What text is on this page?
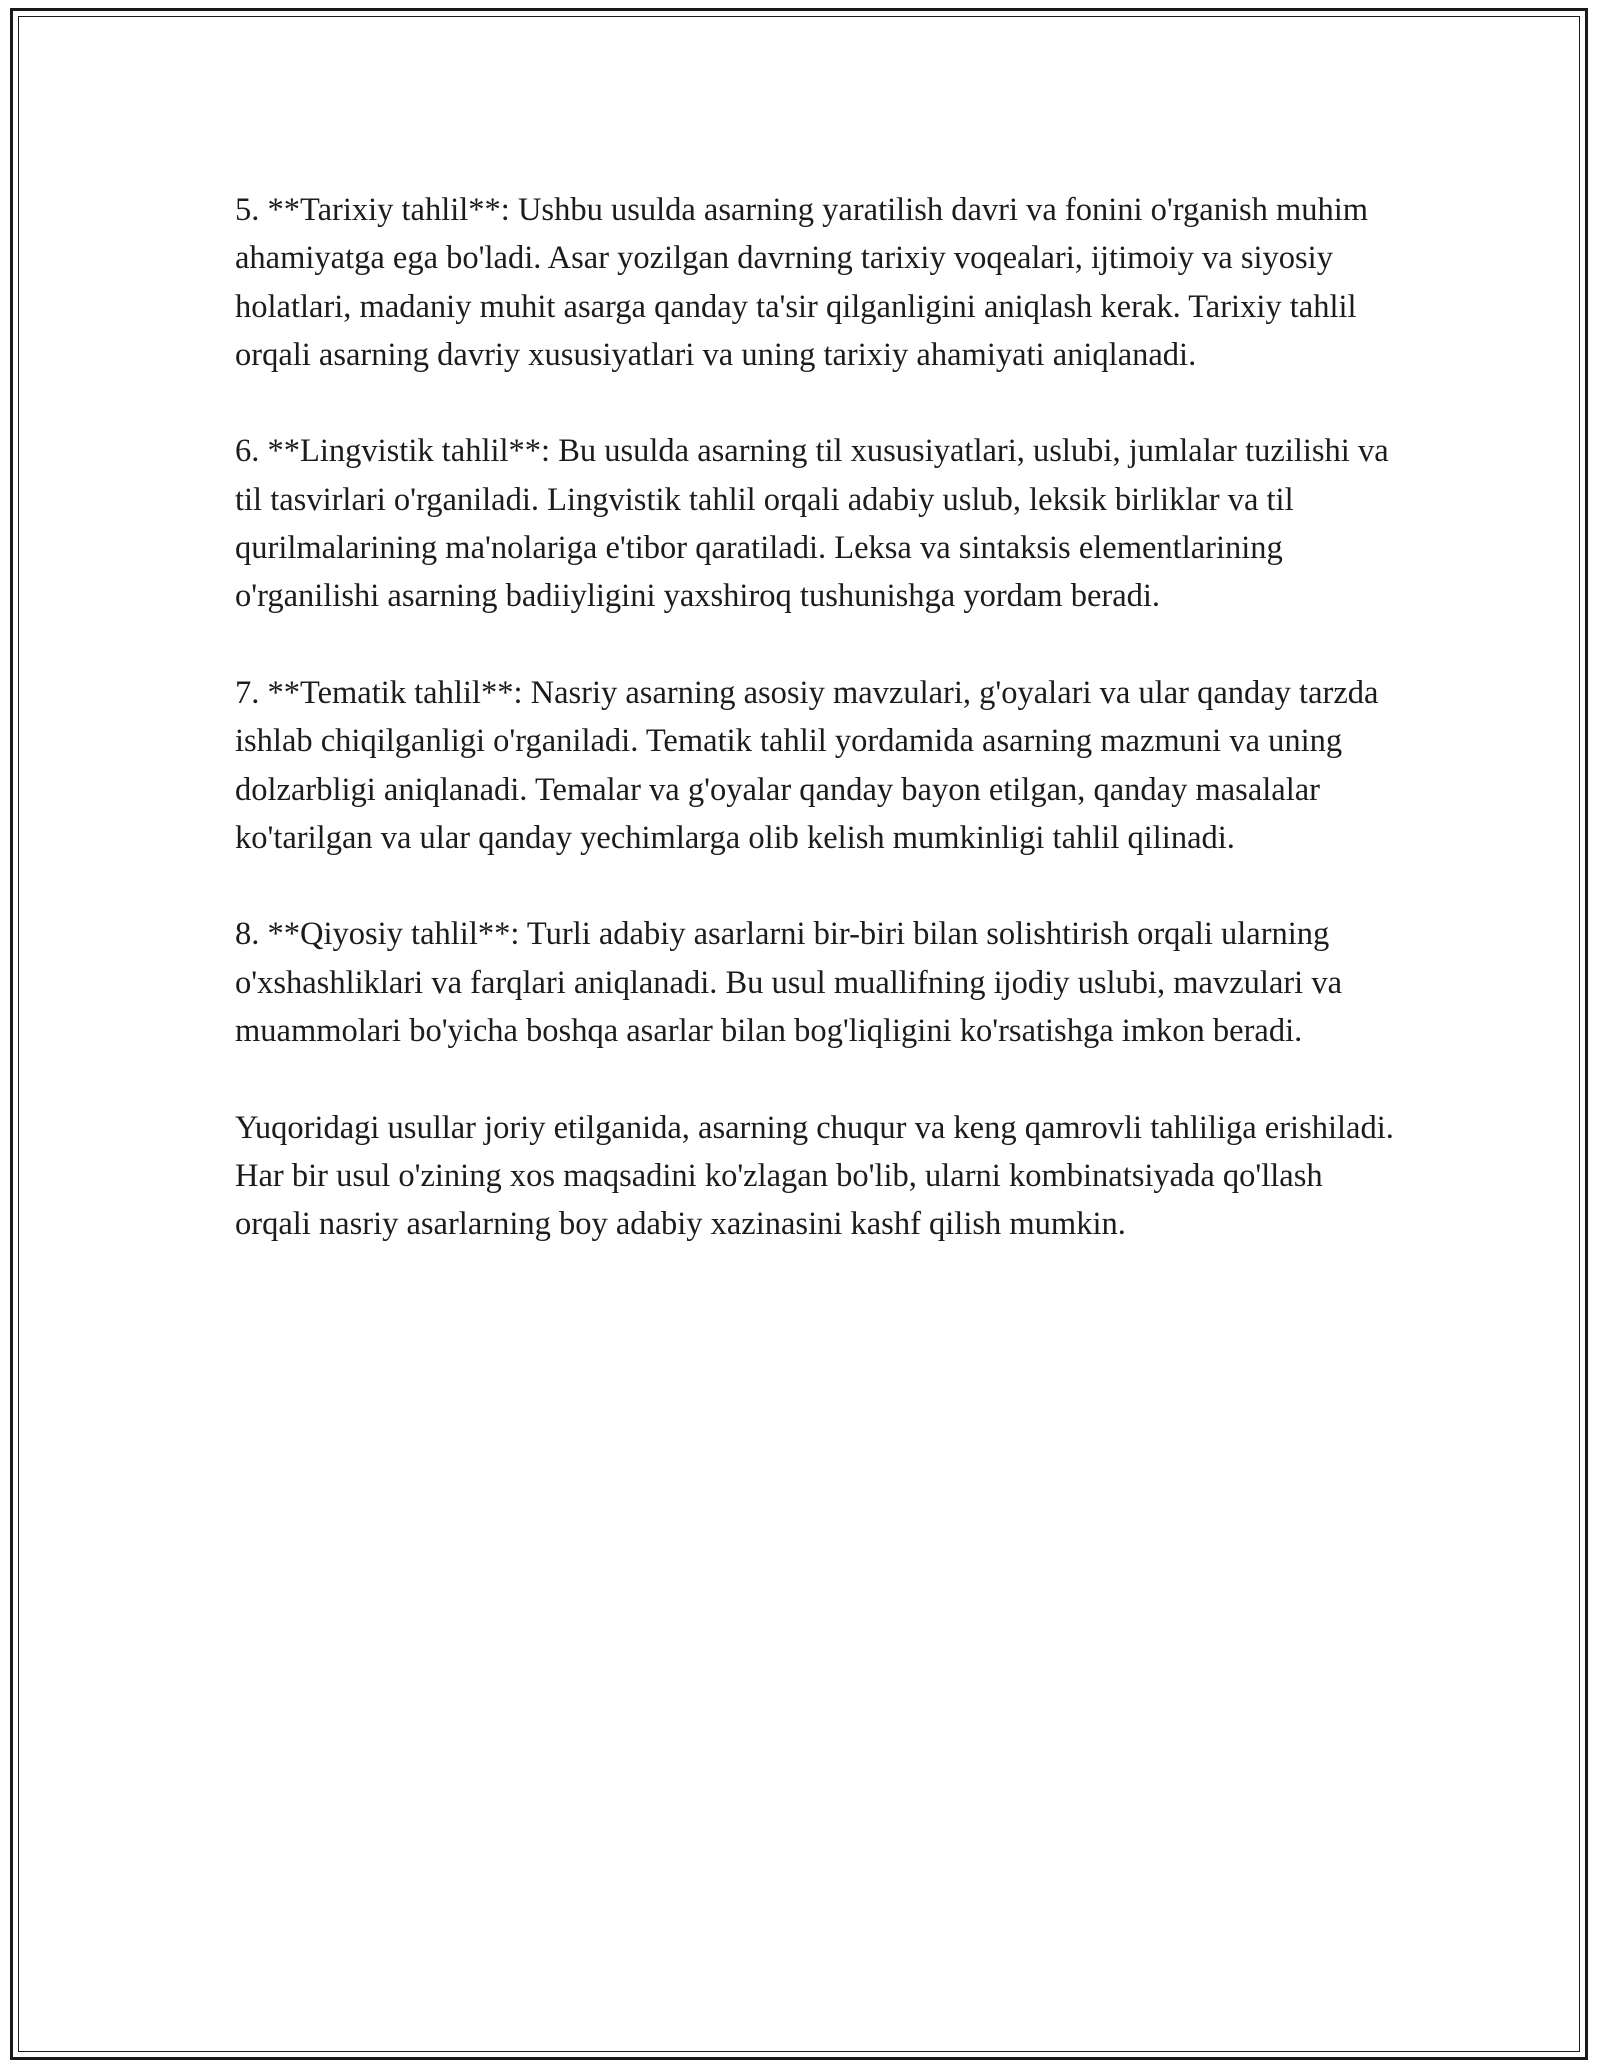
5. **Tarixiy tahlil**: Ushbu usulda asarning yaratilish davri va fonini o'rganish muhim ahamiyatga ega bo'ladi. Asar yozilgan davrning tarixiy voqealari, ijtimoiy va siyosiy holatlari, madaniy muhit asarga qanday ta'sir qilganligini aniqlash kerak. Tarixiy tahlil orqali asarning davriy xususiyatlari va uning tarixiy ahamiyati aniqlanadi.

6. **Lingvistik tahlil**: Bu usulda asarning til xususiyatlari, uslubi, jumlalar tuzilishi va til tasvirlari o'rganiladi. Lingvistik tahlil orqali adabiy uslub, leksik birliklar va til qurilmalarining ma'nolariga e'tibor qaratiladi. Leksa va sintaksis elementlarining o'rganilishi asarning badiiyligini yaxshiroq tushunishga yordam beradi.

7. **Tematik tahlil**: Nasriy asarning asosiy mavzulari, g'oyalari va ular qanday tarzda ishlab chiqilganligi o'rganiladi. Tematik tahlil yordamida asarning mazmuni va uning dolzarbligi aniqlanadi. Temalar va g'oyalar qanday bayon etilgan, qanday masalalar ko'tarilgan va ular qanday yechimlarga olib kelish mumkinligi tahlil qilinadi.

8. **Qiyosiy tahlil**: Turli adabiy asarlarni bir-biri bilan solishtirish orqali ularning o'xshashliklari va farqlari aniqlanadi. Bu usul muallifning ijodiy uslubi, mavzulari va muammolari bo'yicha boshqa asarlar bilan bog'liqligini ko'rsatishga imkon beradi.

Yuqoridagi usullar joriy etilganida, asarning chuqur va keng qamrovli tahliliga erishiladi. Har bir usul o'zining xos maqsadini ko'zlagan bo'lib, ularni kombinatsiyada qo'llash orqali nasriy asarlarning boy adabiy xazinasini kashf qilish mumkin.
